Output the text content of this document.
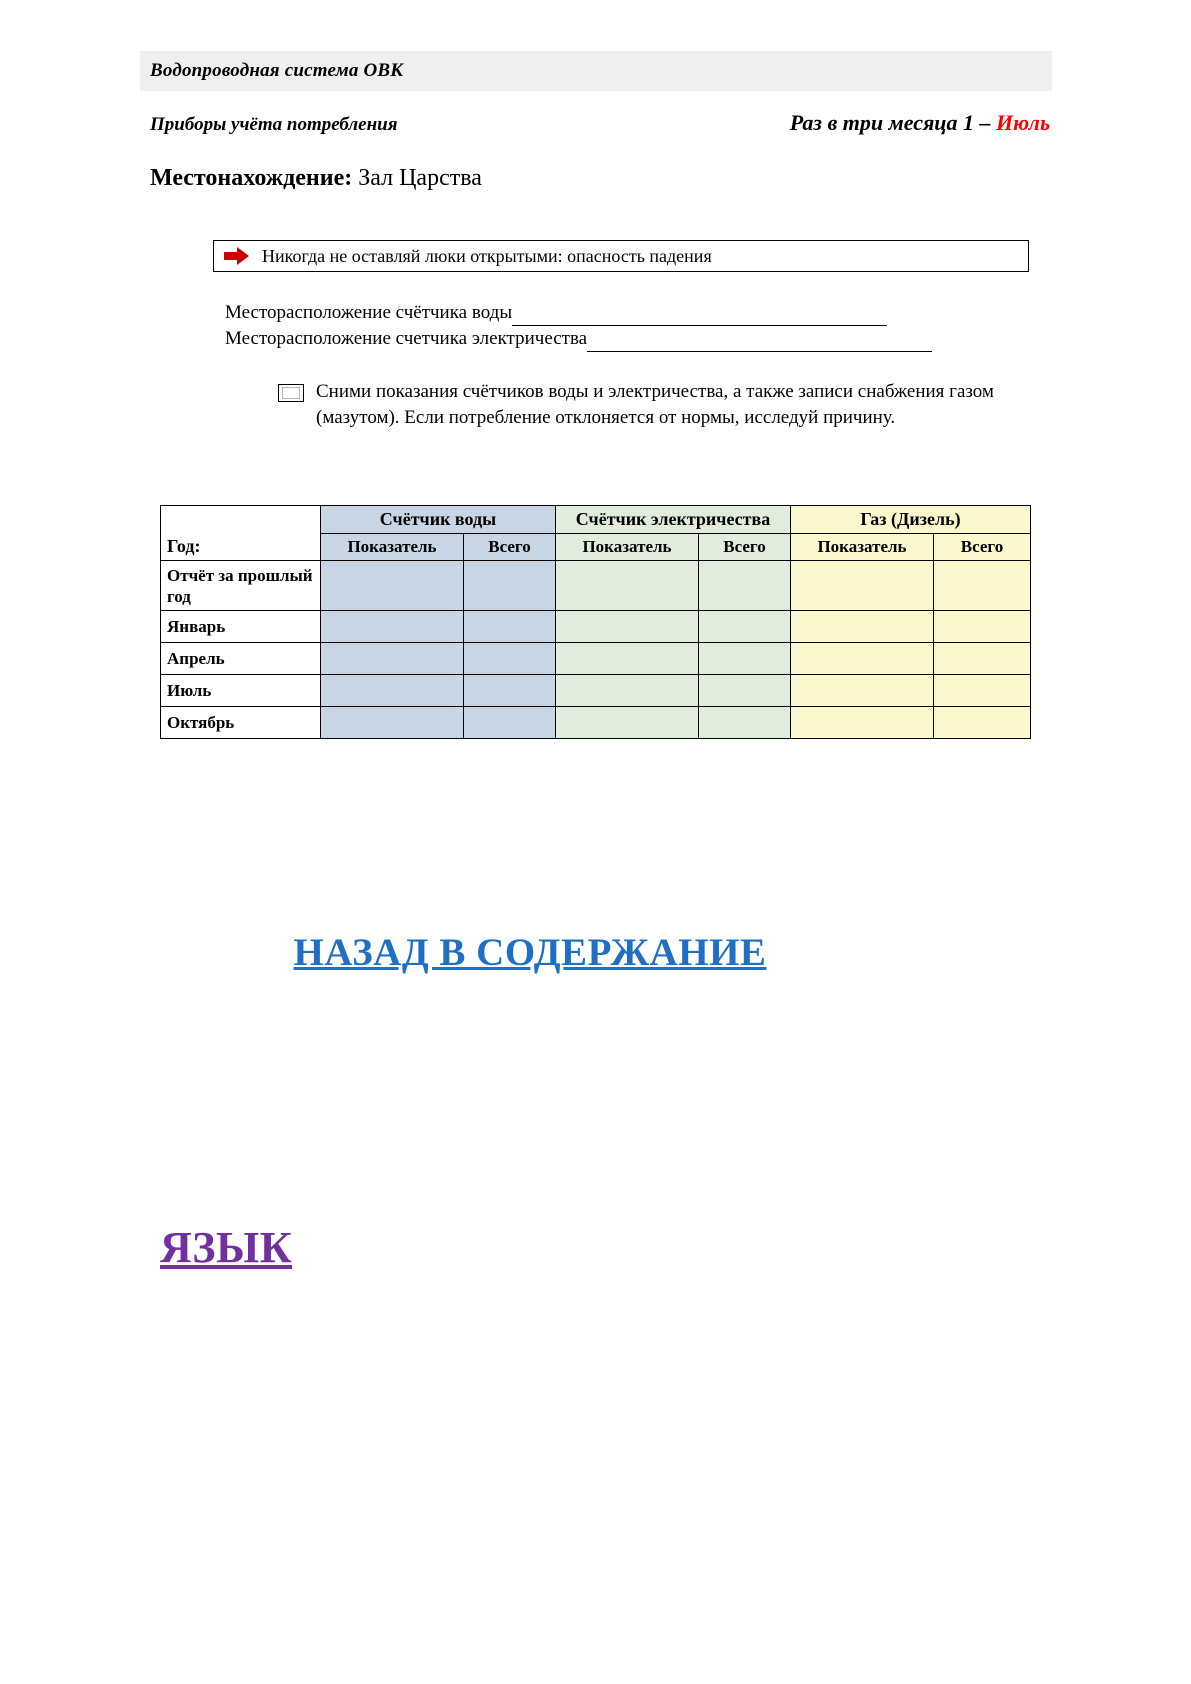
Водопроводная система ОВК
Приборы учёта потребления	Раз в три месяца 1 – Июль
Местонахождение: Зал Царства
Никогда не оставляй люки открытыми: опасность падения
Месторасположение счётчика воды
Месторасположение счетчика электричества
Сними показания счётчиков воды и электричества, а также записи снабжения газом (мазутом). Если потребление отклоняется от нормы, исследуй причину.
Год:	Счётчик воды		Счётчик электричества		Газ (Дизель)	
	Показатель	Всего	Показатель	Всего	Показатель	Всего
Отчёт за прошлый год						
Январь						
Апрель						
Июль						
Октябрь						
НАЗАД В СОДЕРЖАНИЕ
ЯЗЫК
